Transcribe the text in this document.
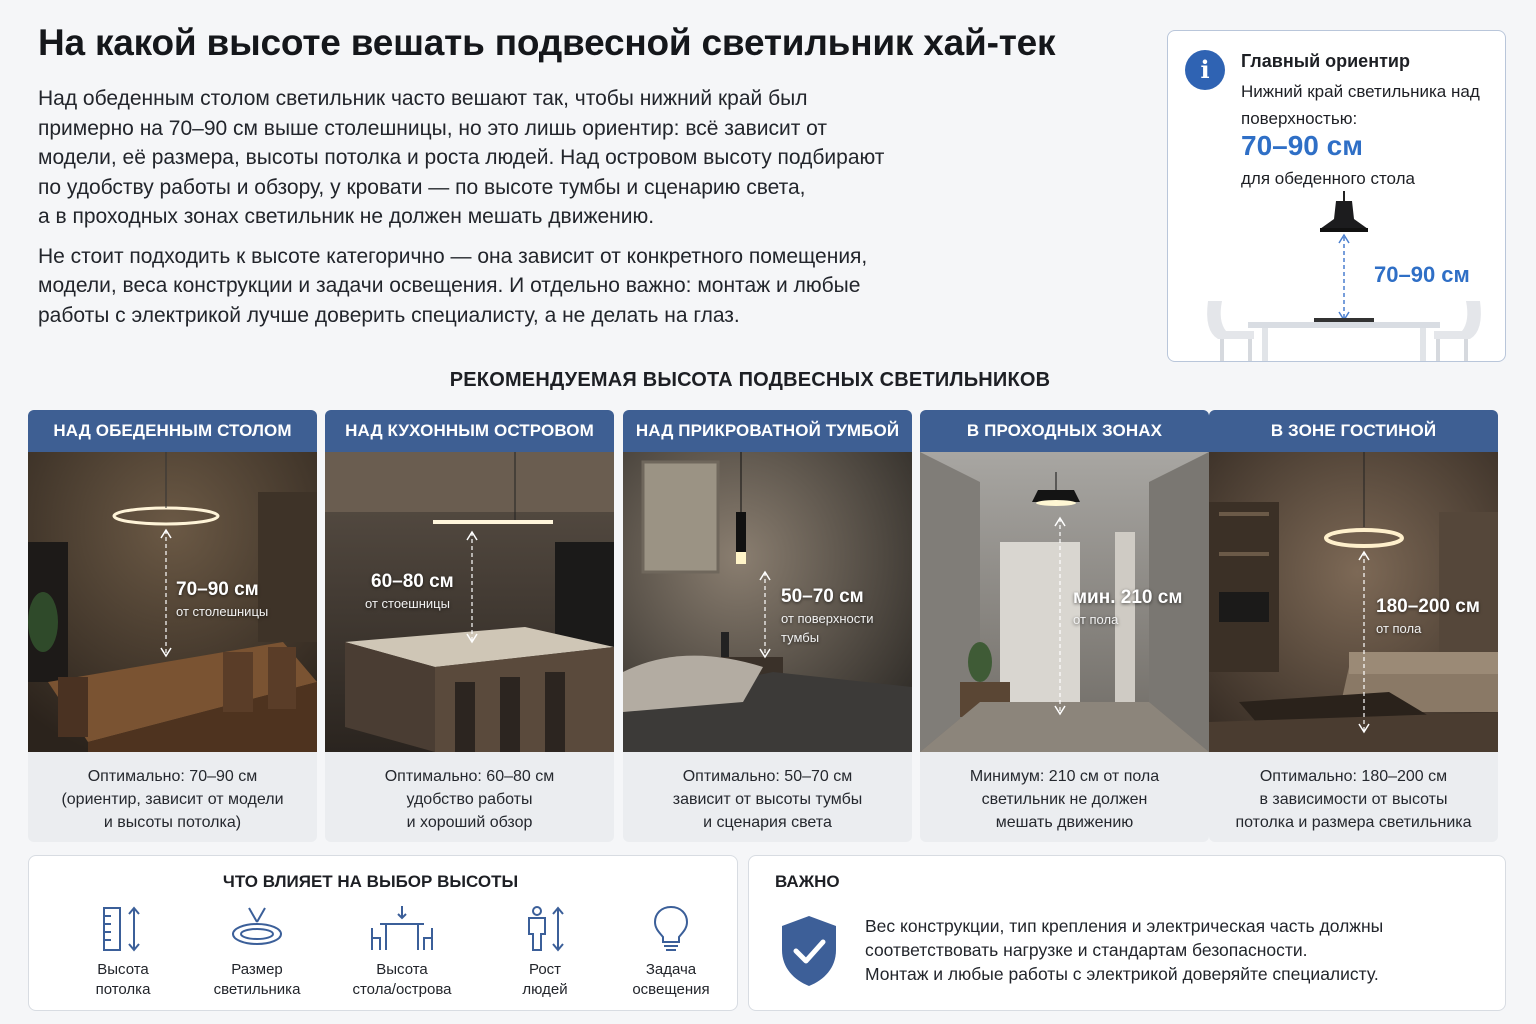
На какой высоте вешать подвесной светильник хай-тек

Над обеденным столом светильник часто вешают так, чтобы нижний край был
примерно на 70–90 см выше столешницы, но это лишь ориентир: всё зависит от
модели, её размера, высоты потолка и роста людей. Над островом высоту подбирают
по удобству работы и обзору, у кровати — по высоте тумбы и сценарию света,
а в проходных зонах светильник не должен мешать движению.

Не стоит подходить к высоте категорично — она зависит от конкретного помещения,
модели, веса конструкции и задачи освещения. И отдельно важно: монтаж и любые
работы с электрикой лучше доверить специалисту, а не делать на глаз.

i	Главный ориентир
Нижний край светильника над поверхностью:
70–90 см
для обеденного стола
70–90 см
РЕКОМЕНДУЕМАЯ ВЫСОТА ПОДВЕСНЫХ СВЕТИЛЬНИКОВ
НАД ОБЕДЕННЫМ СТОЛОМ
70–90 см
от столешницы
Оптимально: 70–90 см
(ориентир, зависит от модели
и высоты потолка)
НАД КУХОННЫМ ОСТРОВОМ
60–80 см
от стоешницы
Оптимально: 60–80 см
удобство работы
и хороший обзор
НАД ПРИКРОВАТНОЙ ТУМБОЙ
50–70 см
от поверхности
тумбы
Оптимально: 50–70 см
зависит от высоты тумбы
и сценария света
В ПРОХОДНЫХ ЗОНАХ
мин. 210 см
от пола
Минимум: 210 см от пола
светильник не должен
мешать движению
В ЗОНЕ ГОСТИНОЙ
180–200 см
от пола
Оптимально: 180–200 см
в зависимости от высоты
потолка и размера светильника
ЧТО ВЛИЯЕТ НА ВЫБОР ВЫСОТЫ
Высота
потолка
Размер
светильника
Высота
стола/острова
Рост
людей
Задача
освещения
ВАЖНО
Вес конструкции, тип крепления и электрическая часть должны
соответствовать нагрузке и стандартам безопасности.
Монтаж и любые работы с электрикой доверяйте специалисту.
